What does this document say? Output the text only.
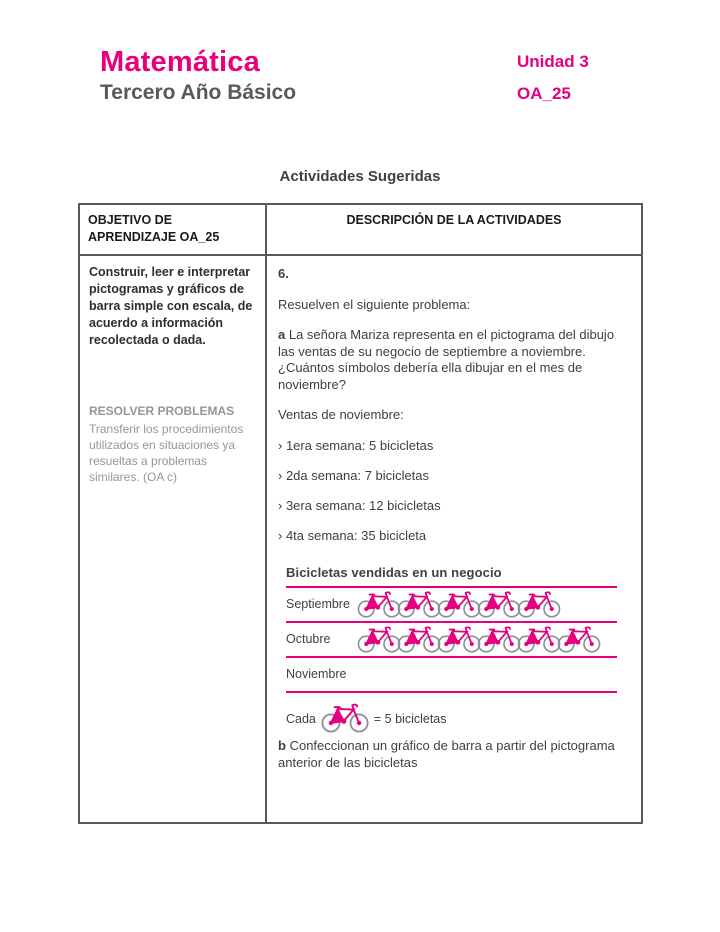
Matemática
Tercero Año Básico
Unidad 3
OA_25
Actividades Sugeridas
OBJETIVO DE APRENDIZAJE OA_25
DESCRIPCIÓN DE LA ACTIVIDADES

Construir, leer e interpretar pictogramas y gráficos de barra simple con escala, de acuerdo a información recolectada o dada.

RESOLVER PROBLEMAS

Transferir los procedimientos utilizados en situaciones ya resueltas a problemas similares. (OA c)

6.

Resuelven el siguiente problema:

a La señora Mariza representa en el pictograma del dibujo las ventas de su negocio de septiembre a noviembre. ¿Cuántos símbolos debería ella dibujar en el mes de noviembre?

Ventas de noviembre:

› 1era semana: 5 bicicletas
› 2da semana: 7 bicicletas
› 3era semana: 12 bicicletas
› 4ta semana: 35 bicicleta
Bicicletas vendidas en un negocio
Septiembre
Octubre
Noviembre
Cada	= 5 bicicletas

b Confeccionan un gráfico de barra a partir del pictograma anterior de las bicicletas
